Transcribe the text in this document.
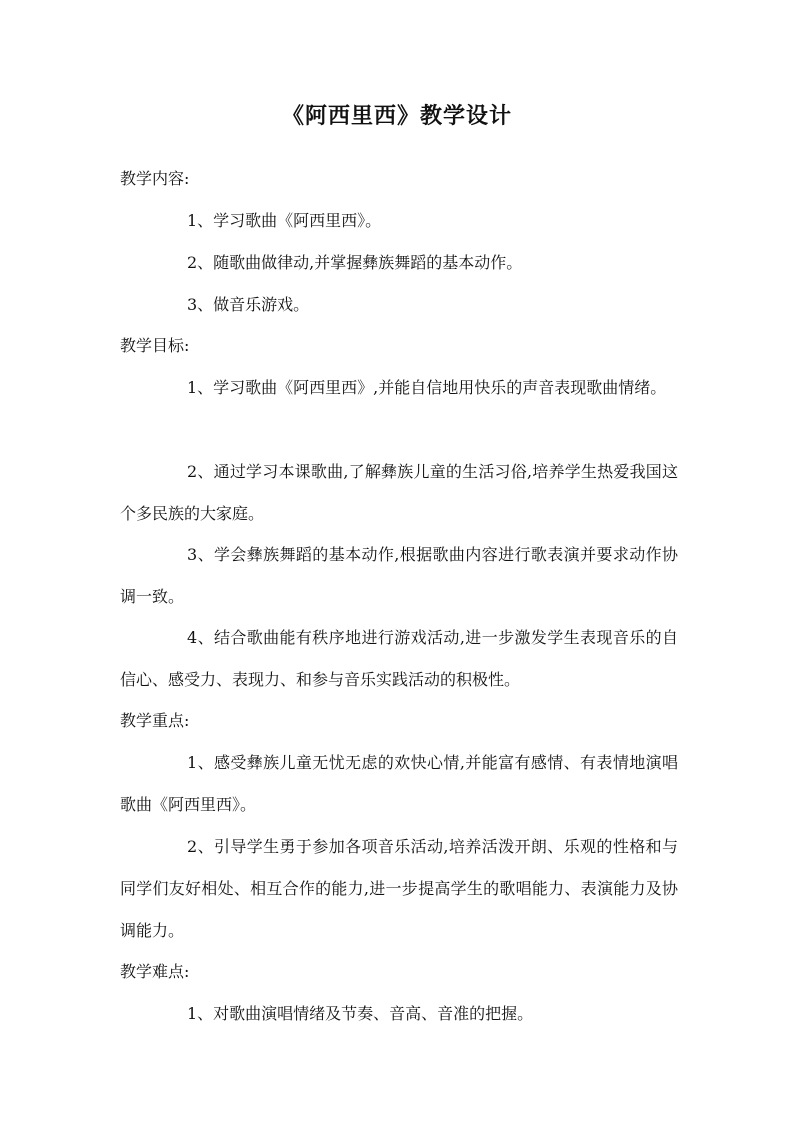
《阿西里西》教学设计
教学内容:
1、学习歌曲《阿西里西》。
2、随歌曲做律动,并掌握彝族舞蹈的基本动作。
3、做音乐游戏。
教学目标:
1、学习歌曲《阿西里西》,并能自信地用快乐的声音表现歌曲情绪。
2、通过学习本课歌曲,了解彝族儿童的生活习俗,培养学生热爱我国这个多民族的大家庭。
3、学会彝族舞蹈的基本动作,根据歌曲内容进行歌表演并要求动作协调一致。
4、结合歌曲能有秩序地进行游戏活动,进一步激发学生表现音乐的自信心、感受力、表现力、和参与音乐实践活动的积极性。
教学重点:
1、感受彝族儿童无忧无虑的欢快心情,并能富有感情、有表情地演唱歌曲《阿西里西》。
2、引导学生勇于参加各项音乐活动,培养活泼开朗、乐观的性格和与同学们友好相处、相互合作的能力,进一步提高学生的歌唱能力、表演能力及协调能力。
教学难点:
1、对歌曲演唱情绪及节奏、音高、音准的把握。
